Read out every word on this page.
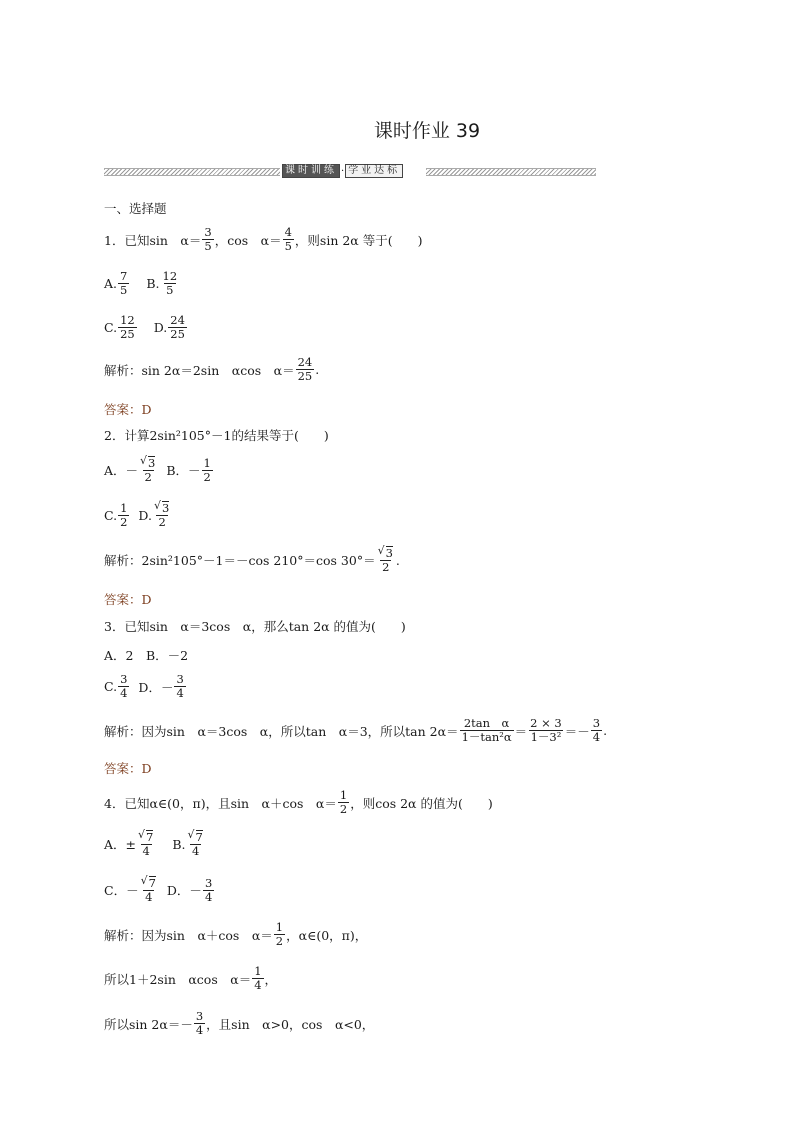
课时作业 39
课时训练 · 学业达标
一、选择题
1．已知sin　$\alpha= \frac{3}{5}$ ，cos　$\alpha= \frac{4}{5}$ ，则sin 2α 等于(　　)
A. $\frac{7}{5} B$. $\frac{12}{5}$
C. $\frac{12}{25} D$. $\frac{24}{25}$
解析：sin 2α＝2sin　αcos　$\alpha= \frac{24}{25}$ .
答案：D
2．计算2sin²105°－1的结果等于(　　)
A．－ √ $\frac{3}{2}$ B．－ $\frac{1}{2}$
C. $\frac{1}{2} D$. √ $\frac{3}{2}$
解析：2sin²105°－1＝－cos 210°＝cos 30°＝ √ $\frac{3}{2}$ .
答案：D
3．已知sin　α＝3cos　α，那么tan 2α 的值为(　　)
A．2　B．－2
C. $\frac{3}{4}$ D．－ $\frac{3}{4}$
解析：因为sin　α＝3cos　α，所以tan　α＝3，所以$\tan 2\alpha= \frac{\text{2tan　α}}{\text{1－tan²α}} = \frac{2 \times 3}{\text{1－3²}} =- \frac{3}{4}$ .
答案：D
4．已知α∈(0，π)，且sin　α＋cos　$\alpha= \frac{1}{2}$ ，则cos 2α 的值为(　　)
A．± √ $\frac{7}{4} B$. √ $\frac{7}{4}$
C．－ √ $\frac{7}{4}$ D．－ $\frac{3}{4}$
解析：因为sin　α＋cos　$\alpha= \frac{1}{2}$ ，α∈(0，π)，
所以1＋2sin　αcos　$\alpha= \frac{1}{4}$ ，
所以$\sin 2\alpha=- \frac{3}{4}$ ，且sin　α>0，cos　α<0，
